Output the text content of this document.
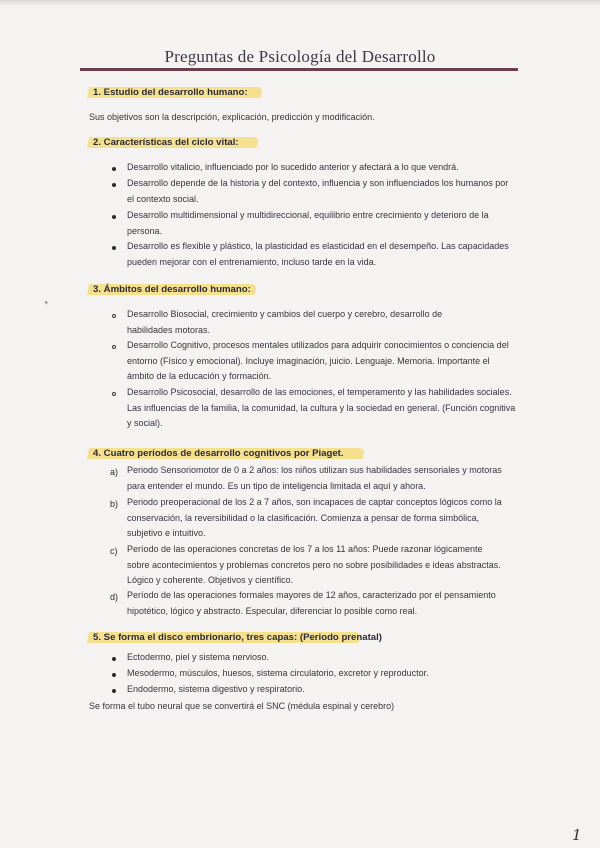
Preguntas de Psicología del Desarrollo
1. Estudio del desarrollo humano:
Sus objetivos son la descripción, explicación, predicción y modificación.
2. Características del ciclo vital:
Desarrollo vitalicio, influenciado por lo sucedido anterior y afectará a lo que vendrá.
Desarrollo depende de la historia y del contexto, influencia y son influenciados los humanos por el contexto social.
Desarrollo multidimensional y multidireccional, equilibrio entre crecimiento y deterioro de la persona.
Desarrollo es flexible y plástico, la plasticidad es elasticidad en el desempeño. Las capacidades pueden mejorar con el entrenamiento, incluso tarde en la vida.
3. Ámbitos del desarrollo humano:
Desarrollo Biosocial, crecimiento y cambios del cuerpo y cerebro, desarrollo de habilidades motoras.
Desarrollo Cognitivo, procesos mentales utilizados para adquirir conocimientos o conciencia del entorno (Físico y emocional). Incluye imaginación, juicio. Lenguaje. Memoria. Importante el ámbito de la educación y formación.
Desarrollo Psicosocial, desarrollo de las emociones, el temperamento y las habilidades sociales. Las influencias de la familia, la comunidad, la cultura y la sociedad en general. (Función cognitiva y social).
❟
4. Cuatro períodos de desarrollo cognitivos por Piaget.
a) Periodo Sensoriomotor de 0 a 2 años: los niños utilizan sus habilidades sensoriales y motoras para entender el mundo. Es un tipo de inteligencia limitada el aquí y ahora.
b) Periodo preoperacional de los 2 a 7 años, son incapaces de captar conceptos lógicos como la conservación, la reversibilidad o la clasificación. Comienza a pensar de forma simbólica, subjetivo e intuitivo.
c) Período de las operaciones concretas de los 7 a los 11 años: Puede razonar lógicamente sobre acontecimientos y problemas concretos pero no sobre posibilidades e ideas abstractas. Lógico y coherente. Objetivos y científico.
d) Período de las operaciones formales mayores de 12 años, caracterizado por el pensamiento hipotético, lógico y abstracto. Especular, diferenciar lo posible como real.
5. Se forma el disco embrionario, tres capas: (Periodo prenatal)
Ectodermo, piel y sistema nervioso.
Mesodermo, músculos, huesos, sistema circulatorio, excretor y reproductor.
Endodermo, sistema digestivo y respiratorio.
Se forma el tubo neural que se convertirá el SNC (médula espinal y cerebro)
1
